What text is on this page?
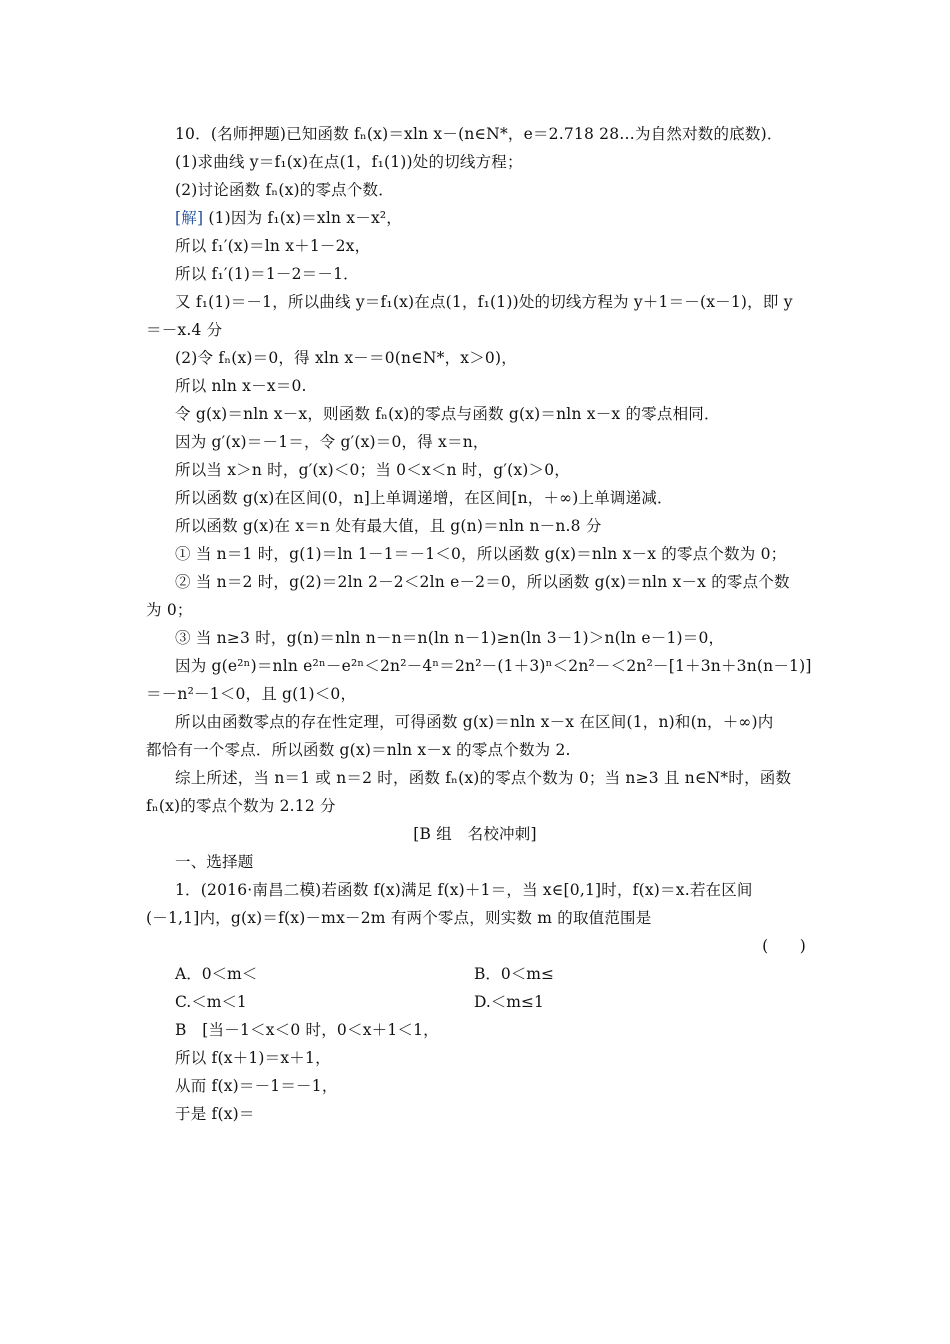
10．(名师押题)已知函数 fₙ(x)＝xln x－(n∈N*，e＝2.718 28…为自然对数的底数)．
(1)求曲线 y＝f₁(x)在点(1，f₁(1))处的切线方程；
(2)讨论函数 fₙ(x)的零点个数．
[解] (1)因为 f₁(x)＝xln x－x²，
所以 f₁′(x)＝ln x＋1－2x，
所以 f₁′(1)＝1－2＝－1．
又 f₁(1)＝－1，所以曲线 y＝f₁(x)在点(1，f₁(1))处的切线方程为 y＋1＝－(x－1)，即 y
＝－x.4 分
(2)令 fₙ(x)＝0，得 xln x－＝0(n∈N*，x＞0)，
所以 nln x－x＝0.
令 g(x)＝nln x－x，则函数 fₙ(x)的零点与函数 g(x)＝nln x－x 的零点相同．
因为 g′(x)＝－1＝，令 g′(x)＝0，得 x＝n，
所以当 x＞n 时，g′(x)＜0；当 0＜x＜n 时，g′(x)＞0，
所以函数 g(x)在区间(0，n]上单调递增，在区间[n，＋∞)上单调递减．
所以函数 g(x)在 x＝n 处有最大值，且 g(n)＝nln n－n.8 分
① 当 n＝1 时，g(1)＝ln 1－1＝－1＜0，所以函数 g(x)＝nln x－x 的零点个数为 0；
② 当 n＝2 时，g(2)＝2ln 2－2＜2ln e－2＝0，所以函数 g(x)＝nln x－x 的零点个数
为 0；
③ 当 n≥3 时，g(n)＝nln n－n＝n(ln n－1)≥n(ln 3－1)＞n(ln e－1)＝0，
因为 g(e²ⁿ)＝nln e²ⁿ－e²ⁿ＜2n²－4ⁿ＝2n²－(1＋3)ⁿ＜2n²－＜2n²－[1＋3n＋3n(n－1)]
＝－n²－1＜0，且 g(1)＜0，
所以由函数零点的存在性定理，可得函数 g(x)＝nln x－x 在区间(1，n)和(n，＋∞)内
都恰有一个零点．所以函数 g(x)＝nln x－x 的零点个数为 2.
综上所述，当 n＝1 或 n＝2 时，函数 fₙ(x)的零点个数为 0；当 n≥3 且 n∈N*时，函数
fₙ(x)的零点个数为 2.12 分
[B 组　名校冲刺]
一、选择题
1．(2016·南昌二模)若函数 f(x)满足 f(x)＋1＝，当 x∈[0,1]时，f(x)＝x.若在区间
(－1,1]内，g(x)＝f(x)－mx－2m 有两个零点，则实数 m 的取值范围是
(　　)
A．0＜m＜	B．0＜m≤
C.＜m＜1	D.＜m≤1
B　[当－1＜x＜0 时，0＜x＋1＜1，
所以 f(x＋1)＝x＋1，
从而 f(x)＝－1＝－1，
于是 f(x)＝
